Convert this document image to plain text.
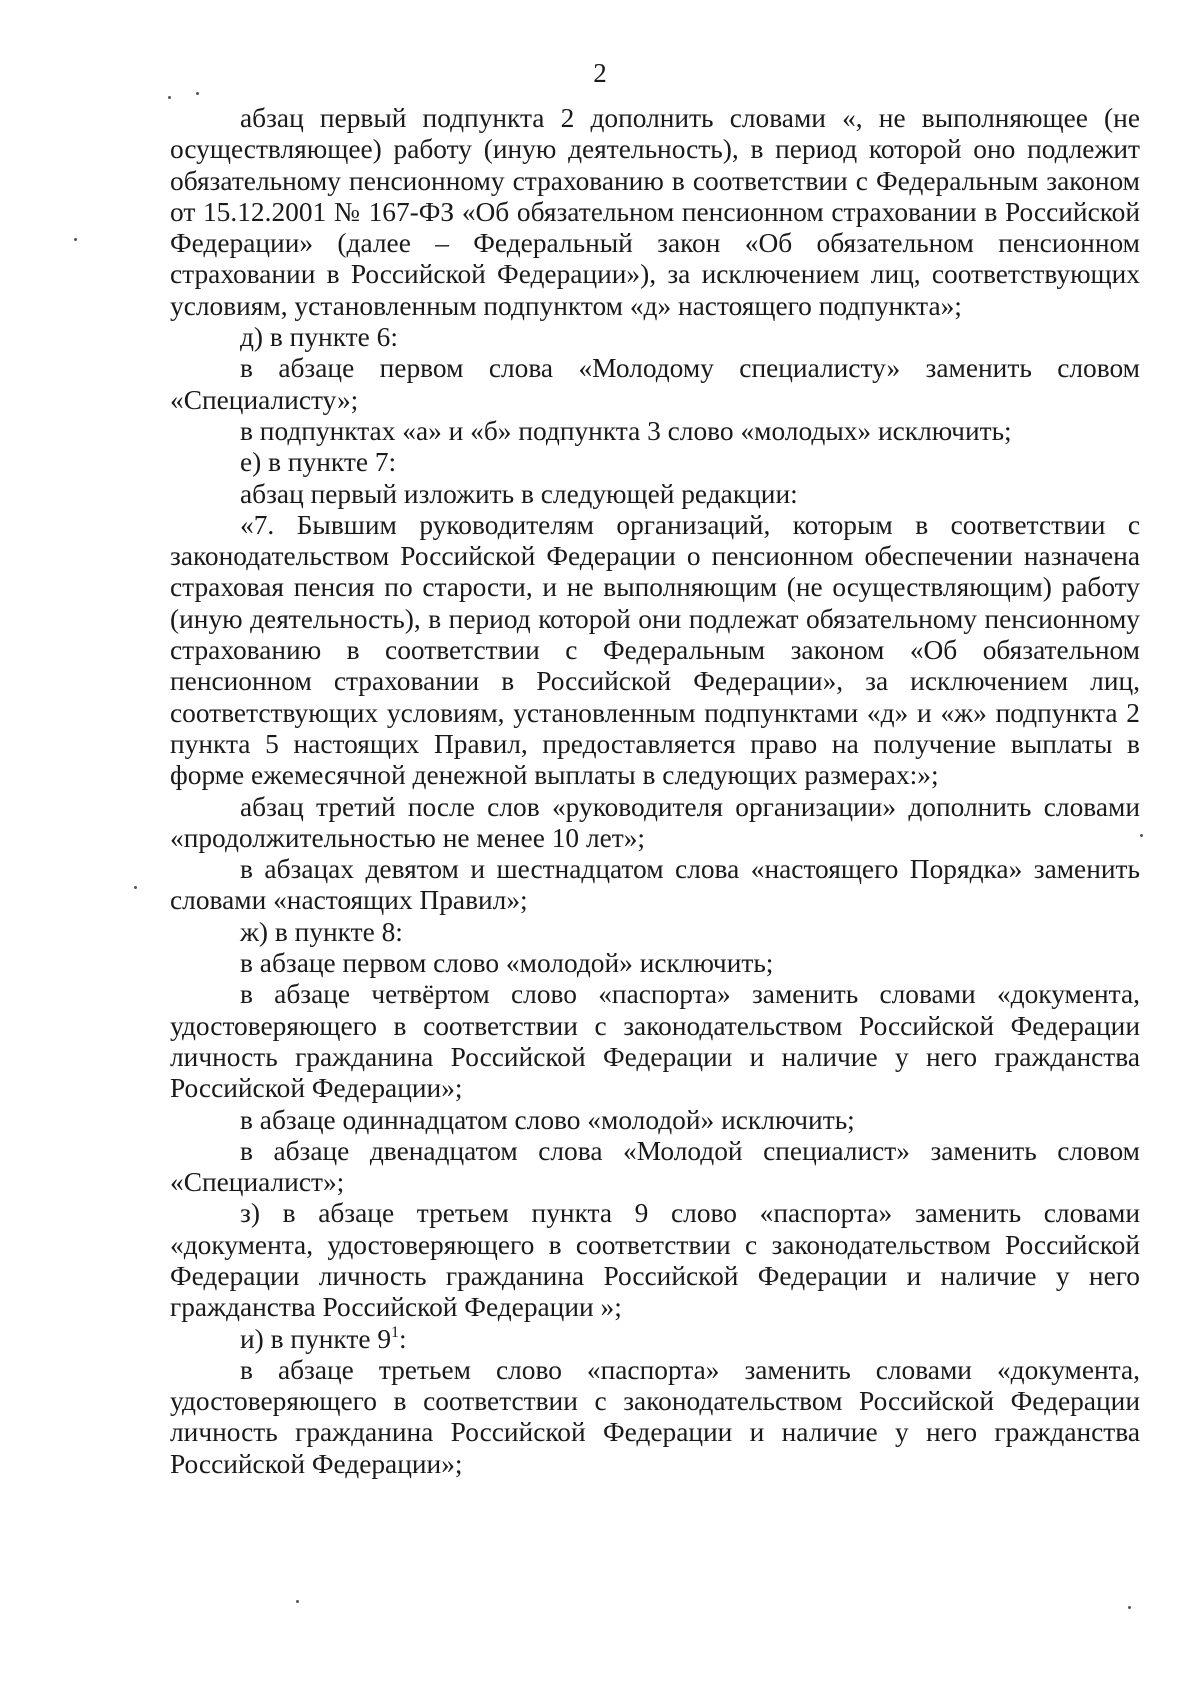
2

абзац первый подпункта 2 дополнить словами «, не выполняющее (не осуществляющее) работу (иную деятельность), в период которой оно подлежит обязательному пенсионному страхованию в соответствии с Федеральным законом от 15.12.2001 № 167-ФЗ «Об обязательном пенсионном страховании в Российской Федерации» (далее – Федеральный закон «Об обязательном пенсионном страховании в Российской Федерации»), за исключением лиц, соответствующих условиям, установленным подпунктом «д» настоящего подпункта»;

д) в пункте 6:

в абзаце первом слова «Молодому специалисту» заменить словом «Специалисту»;

в подпунктах «а» и «б» подпункта 3 слово «молодых» исключить;

е) в пункте 7:

абзац первый изложить в следующей редакции:

«7. Бывшим руководителям организаций, которым в соответствии с законодательством Российской Федерации о пенсионном обеспечении назначена страховая пенсия по старости, и не выполняющим (не осуществляющим) работу (иную деятельность), в период которой они подлежат обязательному пенсионному страхованию в соответствии с Федеральным законом «Об обязательном пенсионном страховании в Российской Федерации», за исключением лиц, соответствующих условиям, установленным подпунктами «д» и «ж» подпункта 2 пункта 5 настоящих Правил, предоставляется право на получение выплаты в форме ежемесячной денежной выплаты в следующих размерах:»;

абзац третий после слов «руководителя организации» дополнить словами «продолжительностью не менее 10 лет»;

в абзацах девятом и шестнадцатом слова «настоящего Порядка» заменить словами «настоящих Правил»;

ж) в пункте 8:

в абзаце первом слово «молодой» исключить;

в абзаце четвёртом слово «паспорта» заменить словами «документа, удостоверяющего в соответствии с законодательством Российской Федерации личность гражданина Российской Федерации и наличие у него гражданства Российской Федерации»;

в абзаце одиннадцатом слово «молодой» исключить;

в абзаце двенадцатом слова «Молодой специалист» заменить словом «Специалист»;

з) в абзаце третьем пункта 9 слово «паспорта» заменить словами «документа, удостоверяющего в соответствии с законодательством Российской Федерации личность гражданина Российской Федерации и наличие у него гражданства Российской Федерации »;

и) в пункте $9^1$:

в абзаце третьем слово «паспорта» заменить словами «документа, удостоверяющего в соответствии с законодательством Российской Федерации личность гражданина Российской Федерации и наличие у него гражданства Российской Федерации»;
